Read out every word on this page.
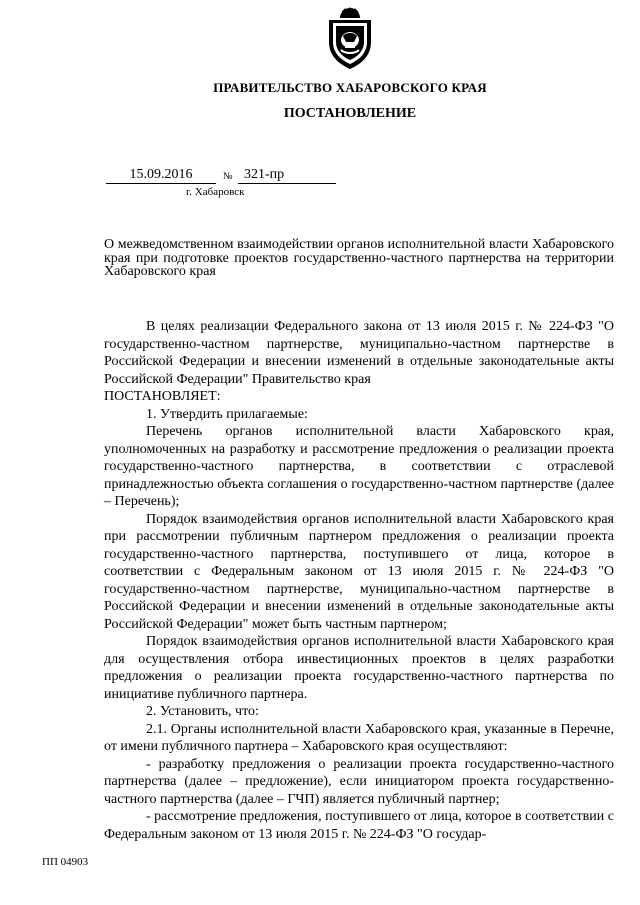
ПРАВИТЕЛЬСТВО ХАБАРОВСКОГО КРАЯ
ПОСТАНОВЛЕНИЕ
15.09.2016	№ 321-пр
г. Хабаровск
О межведомственном взаимодействии органов исполнительной власти Хабаровского края при подготовке проектов государственно-частного партнерства на территории Хабаровского края

В целях реализации Федерального закона от 13 июля 2015 г. № 224-ФЗ "О государственно-частном партнерстве, муниципально-частном партнерстве в Российской Федерации и внесении изменений в отдельные законодательные акты Российской Федерации" Правительство края

ПОСТАНОВЛЯЕТ:

1. Утвердить прилагаемые:

Перечень органов исполнительной власти Хабаровского края, уполномоченных на разработку и рассмотрение предложения о реализации проекта государственно-частного партнерства, в соответствии с отраслевой принадлежностью объекта соглашения о государственно-частном партнерстве (далее – Перечень);

Порядок взаимодействия органов исполнительной власти Хабаровского края при рассмотрении публичным партнером предложения о реализации проекта государственно-частного партнерства, поступившего от лица, которое в соответствии с Федеральным законом от 13 июля 2015 г. № 224-ФЗ "О государственно-частном партнерстве, муниципально-частном партнерстве в Российской Федерации и внесении изменений в отдельные законодательные акты Российской Федерации" может быть частным партнером;

Порядок взаимодействия органов исполнительной власти Хабаровского края для осуществления отбора инвестиционных проектов в целях разработки предложения о реализации проекта государственно-частного партнерства по инициативе публичного партнера.

2. Установить, что:

2.1. Органы исполнительной власти Хабаровского края, указанные в Перечне, от имени публичного партнера – Хабаровского края осуществляют:

- разработку предложения о реализации проекта государственно-частного партнерства (далее – предложение), если инициатором проекта государственно-частного партнерства (далее – ГЧП) является публичный партнер;

- рассмотрение предложения, поступившего от лица, которое в соответствии с Федеральным законом от 13 июля 2015 г. № 224-ФЗ "О государ-

ПП 04903
